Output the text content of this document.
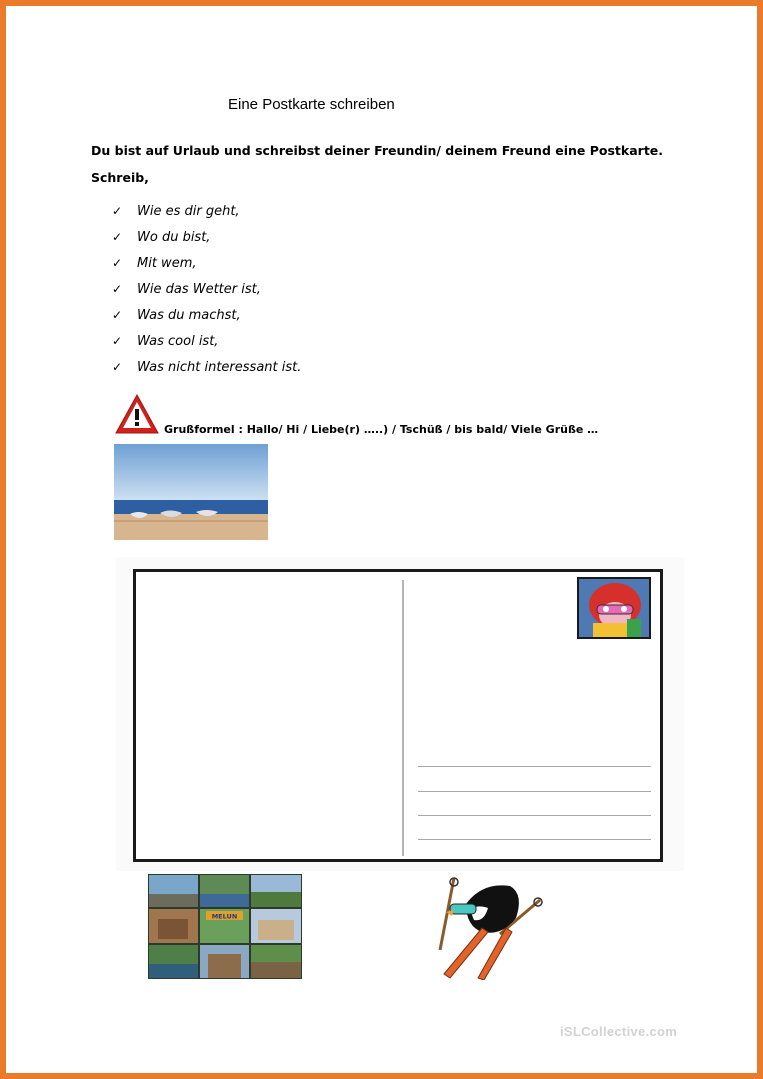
Eine Postkarte schreiben
Du bist auf Urlaub und schreibst deiner Freundin/ deinem Freund eine Postkarte.
Schreib,
✓ Wie es dir geht,
✓ Wo du bist,
✓ Mit wem,
✓ Wie das Wetter ist,
✓ Was du machst,
✓ Was cool ist,
✓ Was nicht interessant ist.
Grußformel : Hallo/ Hi / Liebe(r) …..) / Tschüß / bis bald/ Viele Grüße …
MELUN
iSLCollective.com
